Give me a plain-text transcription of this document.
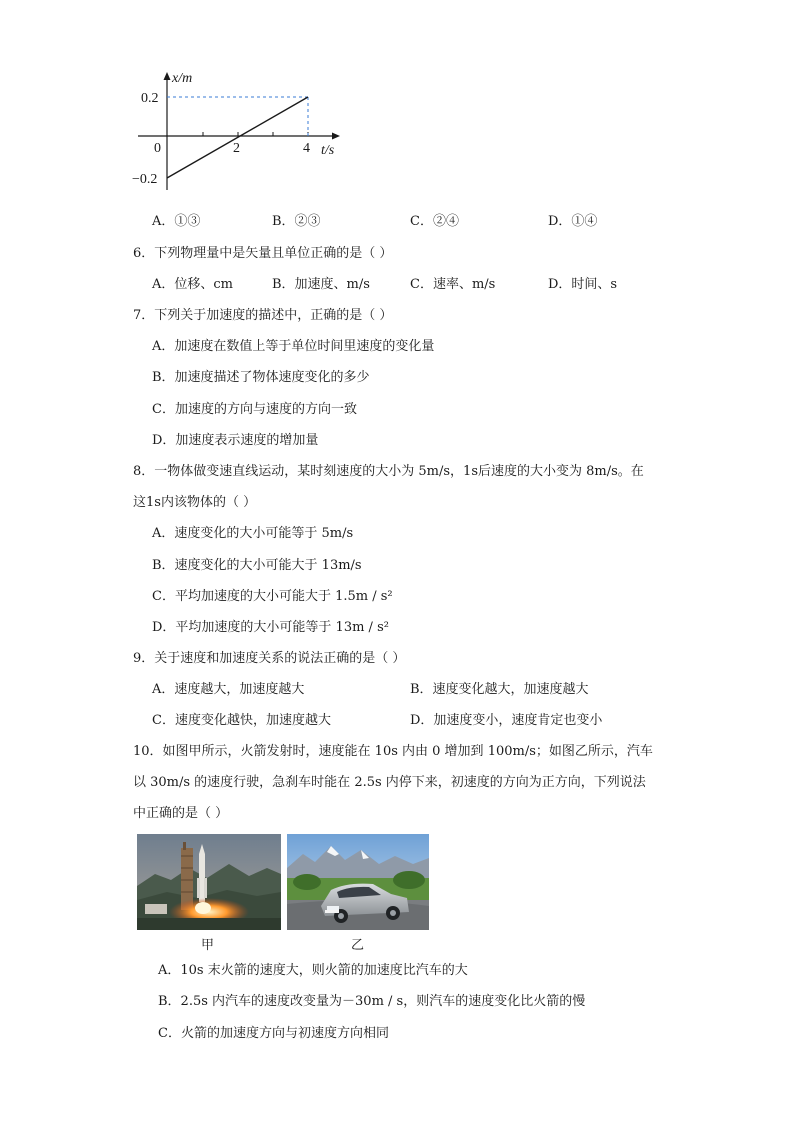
x/m
0.2
0	2	4 t/s
−0.2
A．①③	B．②③	C．②④	D．①④
6．下列物理量中是矢量且单位正确的是（ ）
A．位移、cm	B．加速度、m/s	C．速率、m/s	D．时间、s
7．下列关于加速度的描述中，正确的是（ ）
A．加速度在数值上等于单位时间里速度的变化量
B．加速度描述了物体速度变化的多少
C．加速度的方向与速度的方向一致
D．加速度表示速度的增加量
8．一物体做变速直线运动，某时刻速度的大小为 5m/s，1s后速度的大小变为 8m/s。在
这1s内该物体的（ ）
A．速度变化的大小可能等于 5m/s
B．速度变化的大小可能大于 13m/s
C．平均加速度的大小可能大于 1.5m / s²
D．平均加速度的大小可能等于 13m / s²
9．关于速度和加速度关系的说法正确的是（ ）
A．速度越大，加速度越大	B．速度变化越大，加速度越大
C．速度变化越快，加速度越大	D．加速度变小，速度肯定也变小
10．如图甲所示，火箭发射时，速度能在 10s 内由 0 增加到 100m/s；如图乙所示，汽车
以 30m/s 的速度行驶，急刹车时能在 2.5s 内停下来，初速度的方向为正方向，下列说法
中正确的是（ ）
甲	乙
A．10s 末火箭的速度大，则火箭的加速度比汽车的大
B．2.5s 内汽车的速度改变量为－30m / s，则汽车的速度变化比火箭的慢
C．火箭的加速度方向与初速度方向相同
